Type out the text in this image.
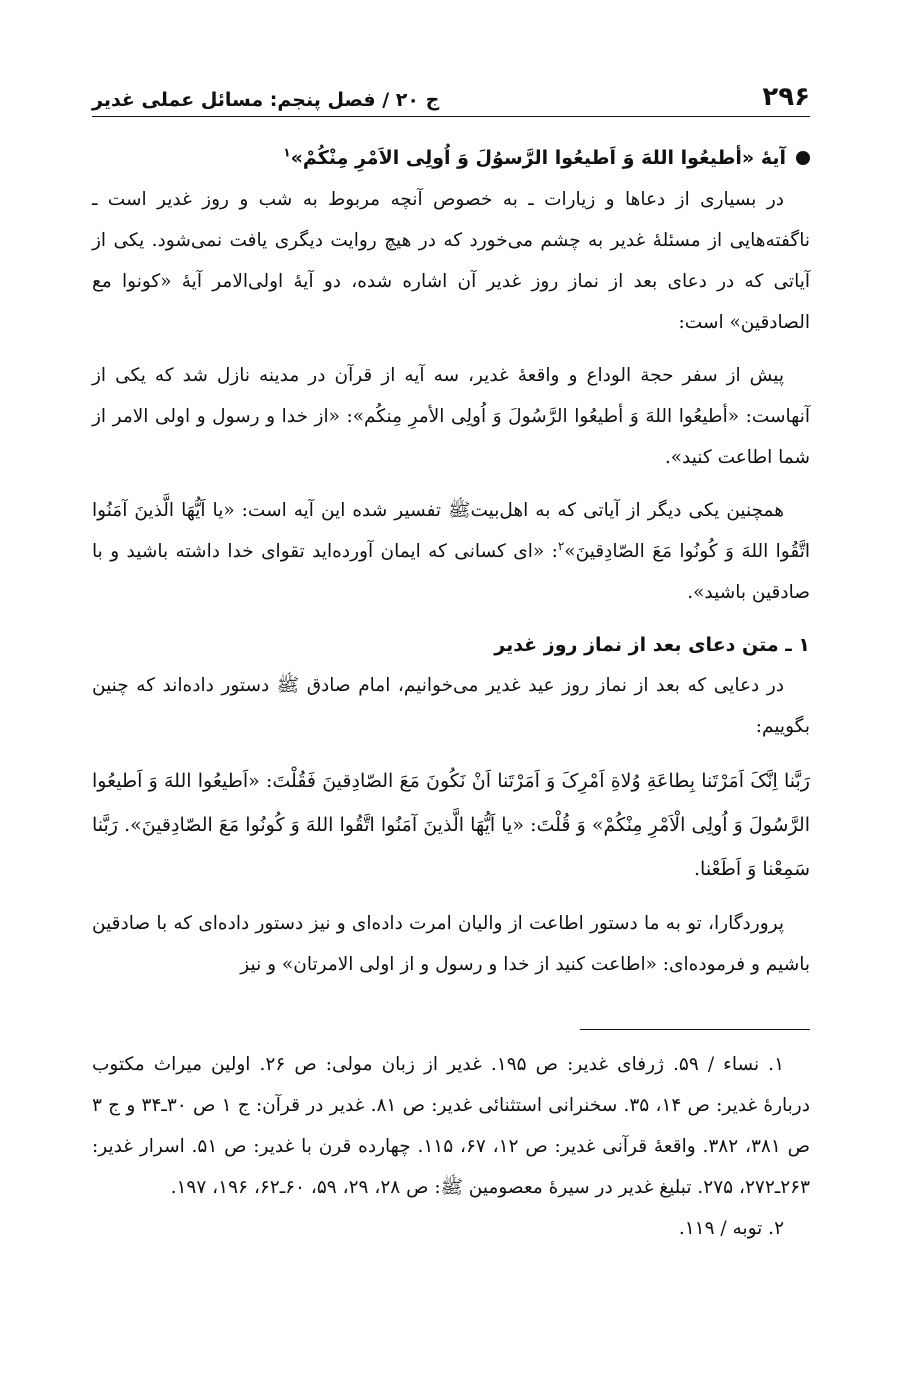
۲۹۶
ج ۲۰ / فصل پنجم: مسائل عملی غدیر
آیهٔ «أطیعُوا اللهَ وَ اَطیعُوا الرَّسوُلَ وَ اُولِی الاَمْرِ مِنْکُمْ»$^۱$

در بسیاری از دعاها و زیارات ـ به خصوص آنچه مربوط به شب و روز غدیر است ـ ناگفته‌هایی از مسئلهٔ غدیر به چشم می‌خورد که در هیچ روایت دیگری یافت نمی‌شود. یکی از آیاتی که در دعای بعد از نماز روز غدیر آن اشاره شده، دو آیهٔ اولی‌الامر آیهٔ «کونوا مع الصادقین» است:

پیش از سفر حجة الوداع و واقعهٔ غدیر، سه آیه از قرآن در مدینه نازل شد که یکی از آنهاست: «أطیعُوا اللهَ وَ أطیعُوا الرَّسُولَ وَ اُولِی الأمرِ مِنکُم»: «از خدا و رسول و اولی الامر از شما اطاعت کنید».

همچنین یکی دیگر از آیاتی که به اهل‌بیتﷺ تفسیر شده این آیه است: «یا اَیُّهَا الَّذینَ آمَنُوا اتَّقُوا اللهَ وَ کُونُوا مَعَ الصّادِقینَ»$^۲$: «ای کسانی که ایمان آورده‌اید تقوای خدا داشته باشید و با صادقین باشید».

۱ ـ متن دعای بعد از نماز روز غدیر

در دعایی که بعد از نماز روز عید غدیر می‌خوانیم، امام صادق ﷺ دستور داده‌اند که چنین بگوییم:

رَبَّنا اِنَّکَ اَمَرْتَنا بِطاعَةِ وُلاةِ اَمْرِکَ وَ اَمَرْتَنا اَنْ نَکُونَ مَعَ الصّادِقینَ فَقُلْتَ: «اَطیعُوا اللهَ وَ اَطیعُوا الرَّسُولَ وَ اُولِی الْاَمْرِ مِنْکُمْ» وَ قُلْتَ: «یا اَیُّهَا الَّذینَ آمَنُوا اتَّقُوا اللهَ وَ کُونُوا مَعَ الصّادِقینَ». رَبَّنا سَمِعْنا وَ اَطَعْنا.

پروردگارا، تو به ما دستور اطاعت از والیان امرت داده‌ای و نیز دستور داده‌ای که با صادقین باشیم و فرموده‌ای: «اطاعت کنید از خدا و رسول و از اولی الامرتان» و نیز

۱. نساء / ۵۹. ژرفای غدیر: ص ۱۹۵. غدیر از زبان مولی: ص ۲۶. اولین میراث مکتوب دربارهٔ غدیر: ص ۱۴، ۳۵. سخنرانی استثنائی غدیر: ص ۸۱. غدیر در قرآن: ج ۱ ص ۳۰ـ۳۴ و ج ۳ ص ۳۸۱، ۳۸۲. واقعهٔ قرآنی غدیر: ص ۱۲، ۶۷، ۱۱۵. چهارده قرن با غدیر: ص ۵۱. اسرار غدیر: ۲۶۳ـ۲۷۲، ۲۷۵. تبلیغ غدیر در سیرهٔ معصومین ﷺ: ص ۲۸، ۲۹، ۵۹، ۶۰ـ۶۲، ۱۹۶، ۱۹۷.

۲. توبه / ۱۱۹.
